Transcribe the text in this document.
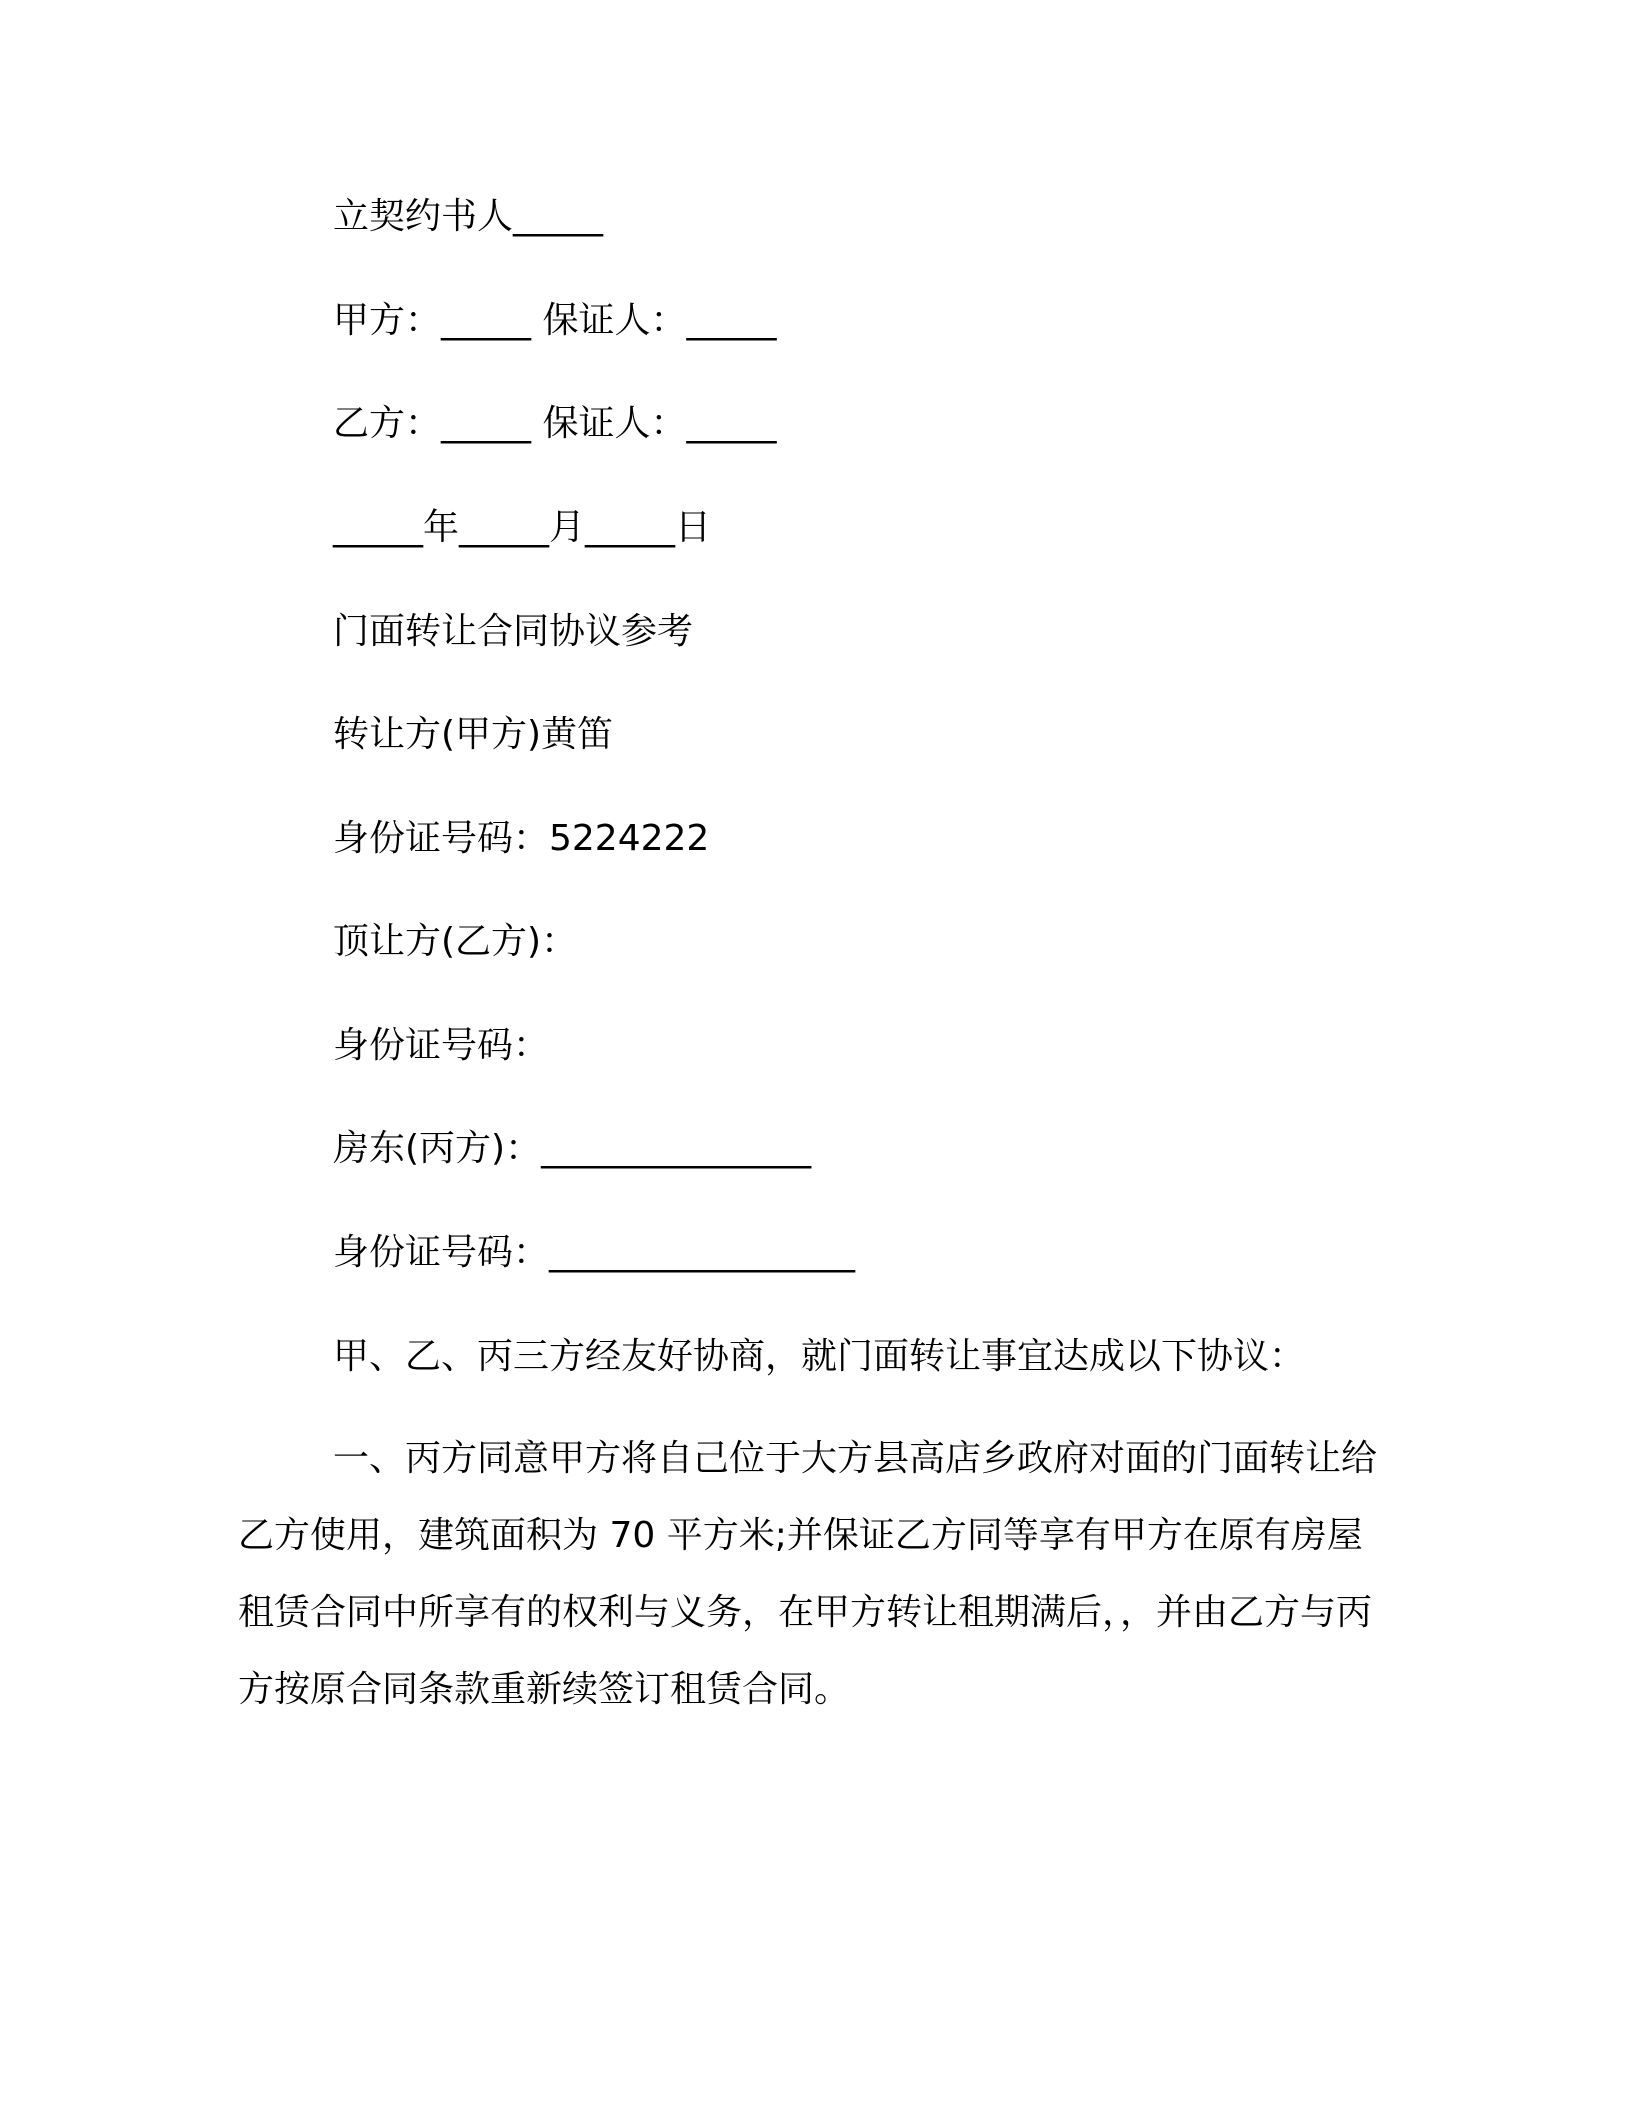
立契约书人_____
甲方：_____ 保证人：_____
乙方：_____ 保证人：_____
_____年_____月_____日
门面转让合同协议参考
转让方(甲方)黄笛
身份证号码：5224222
顶让方(乙方)：
身份证号码：
房东(丙方)：_______________
身份证号码：_________________
甲、乙、丙三方经友好协商，就门面转让事宜达成以下协议：

一、丙方同意甲方将自己位于大方县高店乡政府对面的门面转让给乙方使用，建筑面积为 70 平方米;并保证乙方同等享有甲方在原有房屋租赁合同中所享有的权利与义务，在甲方转让租期满后，，并由乙方与丙方按原合同条款重新续签订租赁合同。
